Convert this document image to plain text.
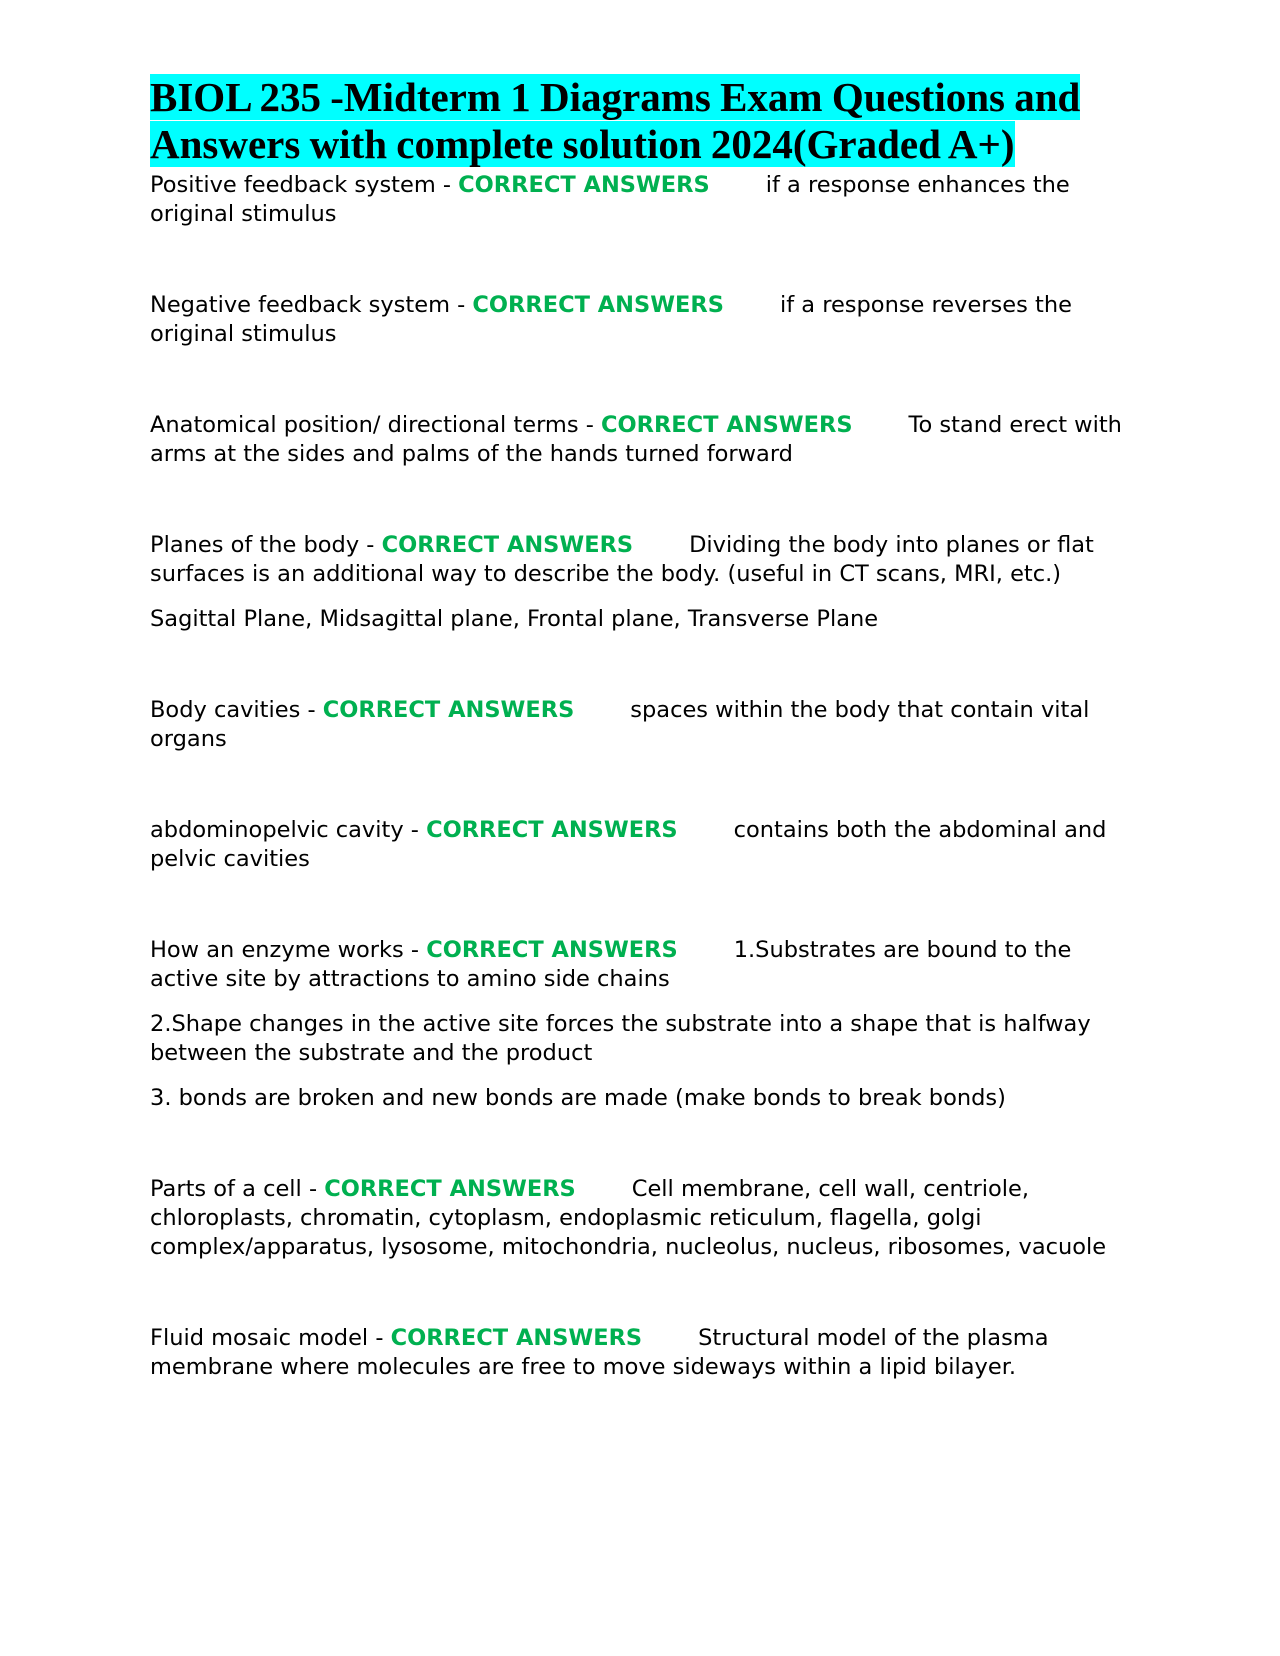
BIOL 235 -Midterm 1 Diagrams Exam Questions and Answers with complete solution 2024(Graded A+)

Positive feedback system - CORRECT ANSWERS if a response enhances the original stimulus

Negative feedback system - CORRECT ANSWERS if a response reverses the original stimulus

Anatomical position/ directional terms - CORRECT ANSWERS To stand erect with arms at the sides and palms of the hands turned forward

Planes of the body - CORRECT ANSWERS Dividing the body into planes or flat surfaces is an additional way to describe the body. (useful in CT scans, MRI, etc.)

Sagittal Plane, Midsagittal plane, Frontal plane, Transverse Plane

Body cavities - CORRECT ANSWERS spaces within the body that contain vital organs

abdominopelvic cavity - CORRECT ANSWERS contains both the abdominal and pelvic cavities

How an enzyme works - CORRECT ANSWERS 1.Substrates are bound to the active site by attractions to amino side chains

2.Shape changes in the active site forces the substrate into a shape that is halfway between the substrate and the product

3. bonds are broken and new bonds are made (make bonds to break bonds)

Parts of a cell - CORRECT ANSWERS Cell membrane, cell wall, centriole, chloroplasts, chromatin, cytoplasm, endoplasmic reticulum, flagella, golgi complex/apparatus, lysosome, mitochondria, nucleolus, nucleus, ribosomes, vacuole

Fluid mosaic model - CORRECT ANSWERS Structural model of the plasma membrane where molecules are free to move sideways within a lipid bilayer.
